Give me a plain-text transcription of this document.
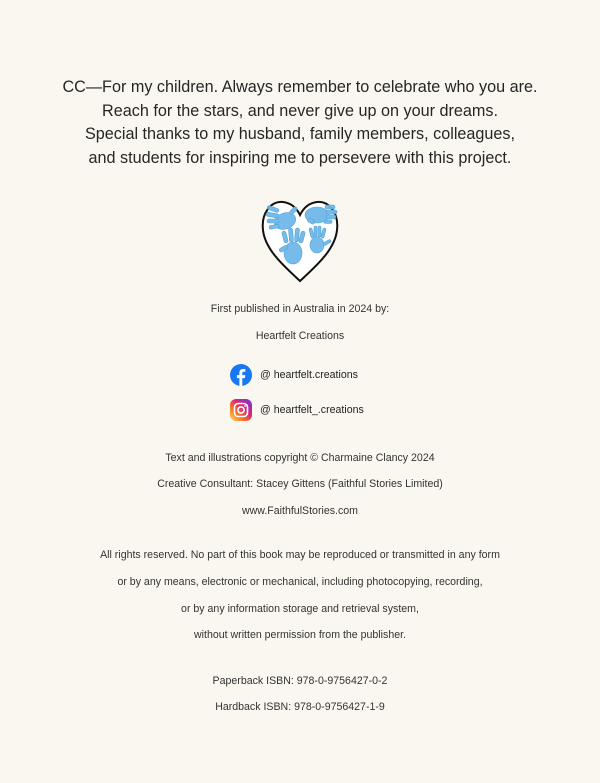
CC—For my children. Always remember to celebrate who you are.
Reach for the stars, and never give up on your dreams.
Special thanks to my husband, family members, colleagues,
and students for inspiring me to persevere with this project.
First published in Australia in 2024 by:
Heartfelt Creations
@ heartfelt.creations
@ heartfelt_.creations
Text and illustrations copyright © Charmaine Clancy 2024
Creative Consultant: Stacey Gittens (Faithful Stories Limited)
www.FaithfulStories.com
All rights reserved. No part of this book may be reproduced or transmitted in any form
or by any means, electronic or mechanical, including photocopying, recording,
or by any information storage and retrieval system,
without written permission from the publisher.
Paperback ISBN: 978-0-9756427-0-2
Hardback ISBN: 978-0-9756427-1-9
